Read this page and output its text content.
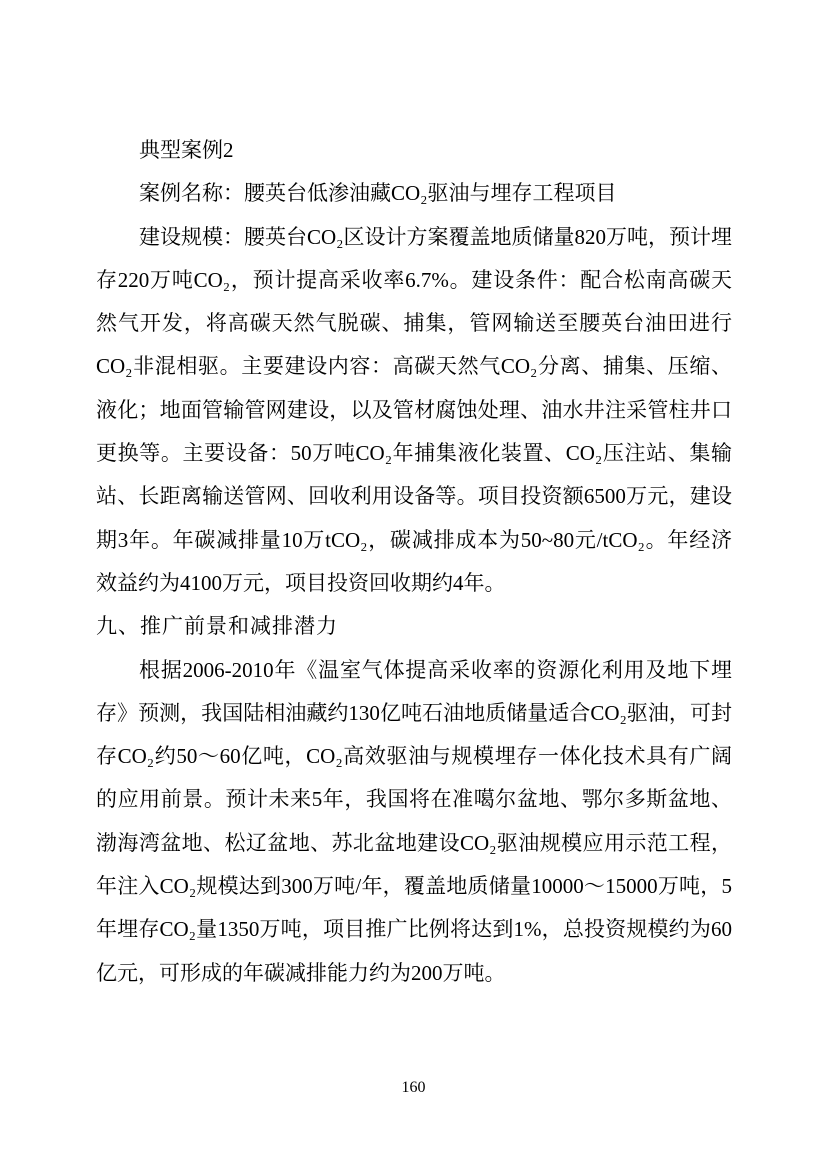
典型案例2
案例名称：腰英台低渗油藏CO₂驱油与埋存工程项目
建设规模：腰英台CO₂区设计方案覆盖地质储量820万吨，预计埋
存220万吨CO₂，预计提高采收率6.7%。建设条件：配合松南高碳天
然气开发，将高碳天然气脱碳、捕集，管网输送至腰英台油田进行
CO₂非混相驱。主要建设内容：高碳天然气CO₂分离、捕集、压缩、
液化；地面管输管网建设，以及管材腐蚀处理、油水井注采管柱井口
更换等。主要设备：50万吨CO₂年捕集液化装置、CO₂压注站、集输
站、长距离输送管网、回收利用设备等。项目投资额6500万元，建设
期3年。年碳减排量10万tCO₂，碳减排成本为50~80元/tCO₂。年经济
效益约为4100万元，项目投资回收期约4年。
九、推广前景和减排潜力
根据2006-2010年《温室气体提高采收率的资源化利用及地下埋
存》预测，我国陆相油藏约130亿吨石油地质储量适合CO₂驱油，可封
存CO₂约50～60亿吨，CO₂高效驱油与规模埋存一体化技术具有广阔
的应用前景。预计未来5年，我国将在准噶尔盆地、鄂尔多斯盆地、
渤海湾盆地、松辽盆地、苏北盆地建设CO₂驱油规模应用示范工程，
年注入CO₂规模达到300万吨/年，覆盖地质储量10000～15000万吨，5
年埋存CO₂量1350万吨，项目推广比例将达到1%，总投资规模约为60
亿元，可形成的年碳减排能力约为200万吨。
160
